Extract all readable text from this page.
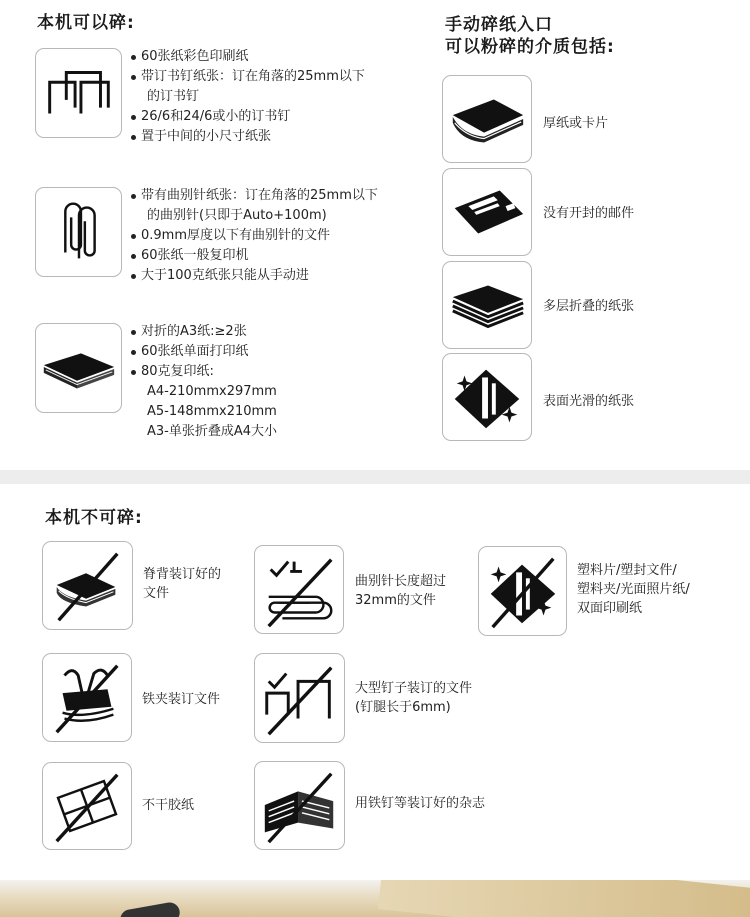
本机可以碎:
60张纸彩色印刷纸
带订书钉纸张：订在角落的25mm以下
的订书钉
26/6和24/6或小的订书钉
置于中间的小尺寸纸张
带有曲别针纸张：订在角落的25mm以下
的曲别针(只即于Auto+100m)
0.9mm厚度以下有曲别针的文件
60张纸一般复印机
大于100克纸张只能从手动进
对折的A3纸:≥2张
60张纸单面打印纸
80克复印纸:
A4-210mmx297mm
A5-148mmx210mm
A3-单张折叠成A4大小
手动碎纸入口
可以粉碎的介质包括:
厚纸或卡片
没有开封的邮件
多层折叠的纸张
表面光滑的纸张
本机不可碎:
脊背装订好的
文件
曲别针长度超过
32mm的文件
塑料片/塑封文件/
塑料夹/光面照片纸/
双面印刷纸
铁夹装订文件
大型钉子装订的文件
(钉腿长于6mm)
不干胶纸	用铁钉等装订好的杂志
